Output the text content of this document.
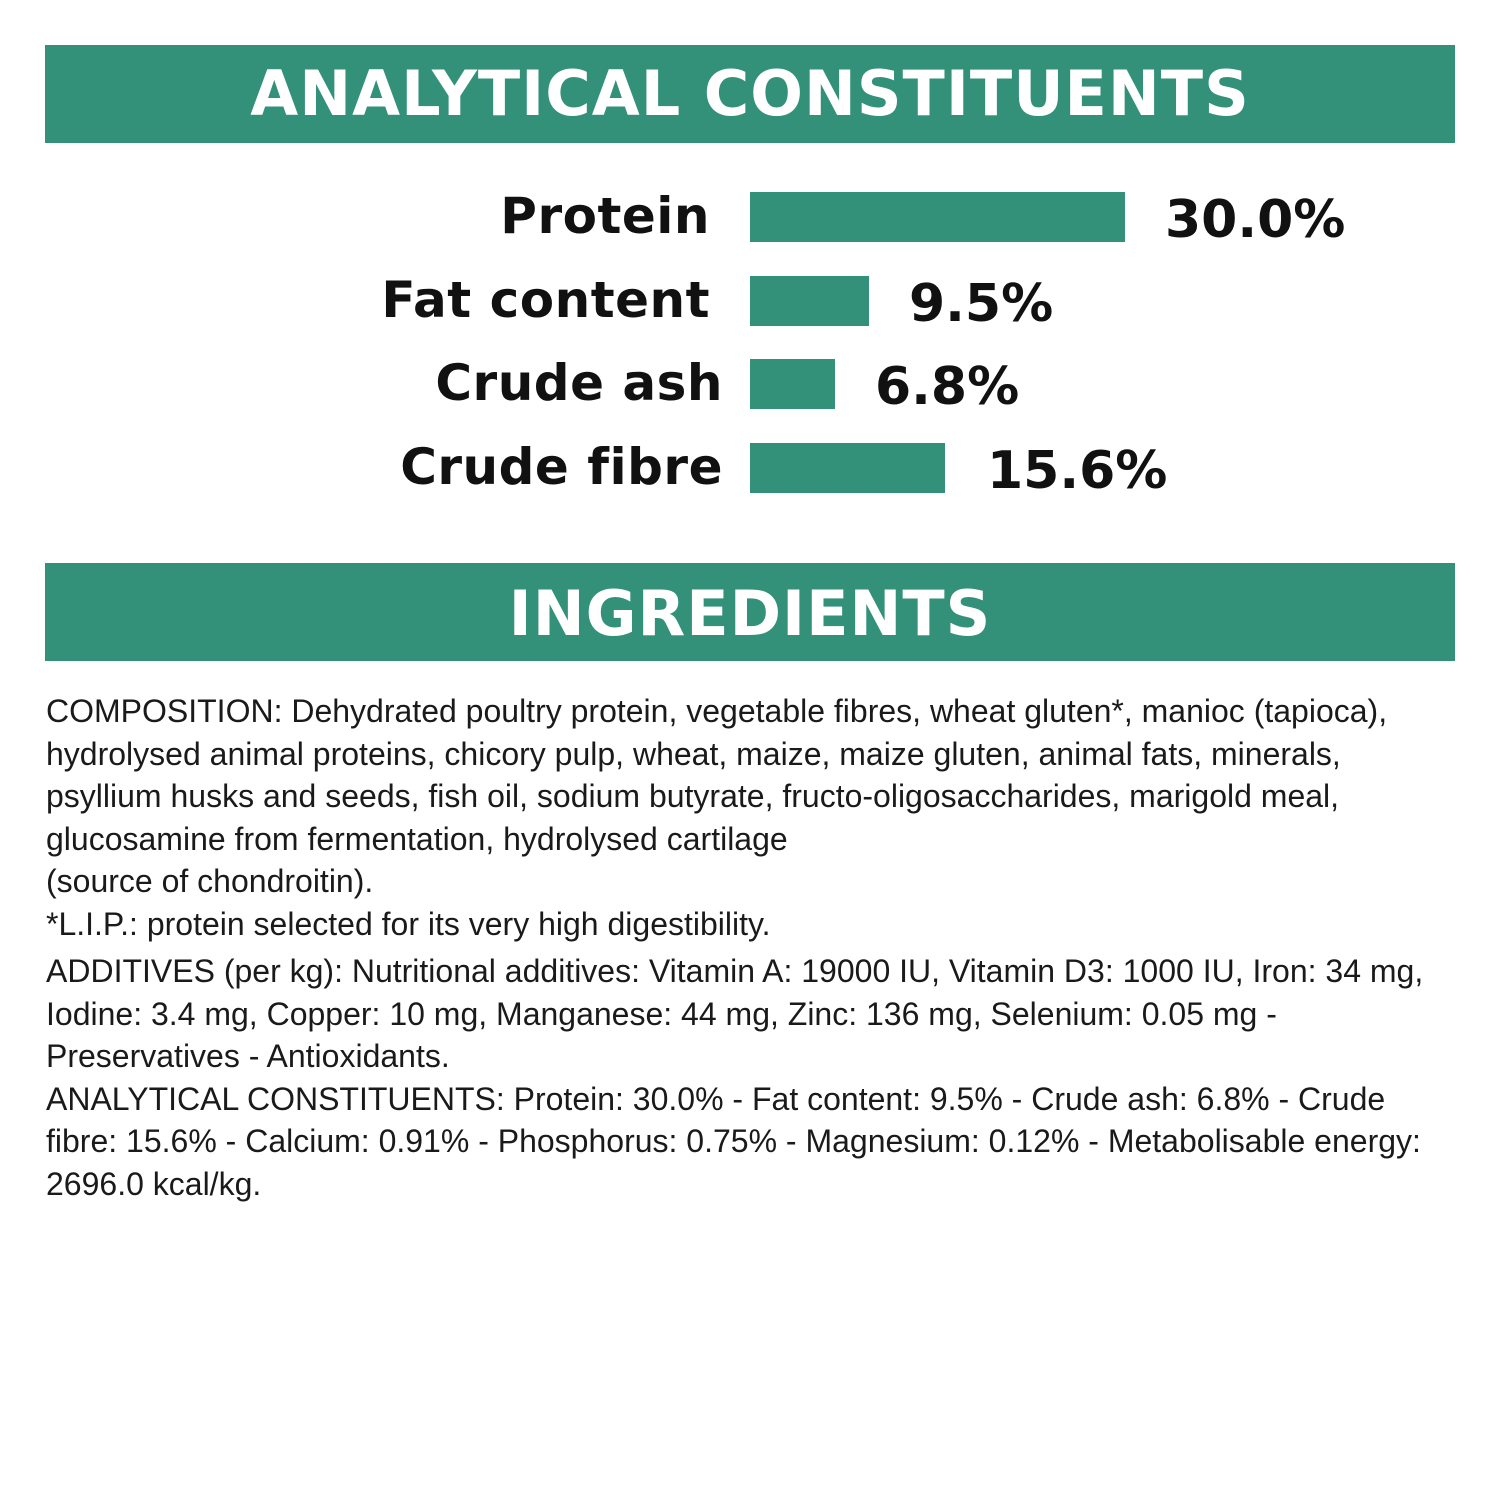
ANALYTICAL CONSTITUENTS
Protein	30.0%
Fat content	9.5%
Crude ash	6.8%
Crude fibre	15.6%
INGREDIENTS

COMPOSITION: Dehydrated poultry protein, vegetable fibres, wheat gluten*, manioc (tapioca), hydrolysed animal proteins, chicory pulp, wheat, maize, maize gluten, animal fats, minerals, psyllium husks and seeds, fish oil, sodium butyrate, fructo-oligosaccharides, marigold meal, glucosamine from fermentation, hydrolysed cartilage
(source of chondroitin).
*L.I.P.: protein selected for its very high digestibility.

ADDITIVES (per kg): Nutritional additives: Vitamin A: 19000 IU, Vitamin D3: 1000 IU, Iron: 34 mg, Iodine: 3.4 mg, Copper: 10 mg, Manganese: 44 mg, Zinc: 136 mg, Selenium: 0.05 mg - Preservatives - Antioxidants.

ANALYTICAL CONSTITUENTS: Protein: 30.0% - Fat content: 9.5% - Crude ash: 6.8% - Crude fibre: 15.6% - Calcium: 0.91% - Phosphorus: 0.75% - Magnesium: 0.12% - Metabolisable energy: 2696.0 kcal/kg.
